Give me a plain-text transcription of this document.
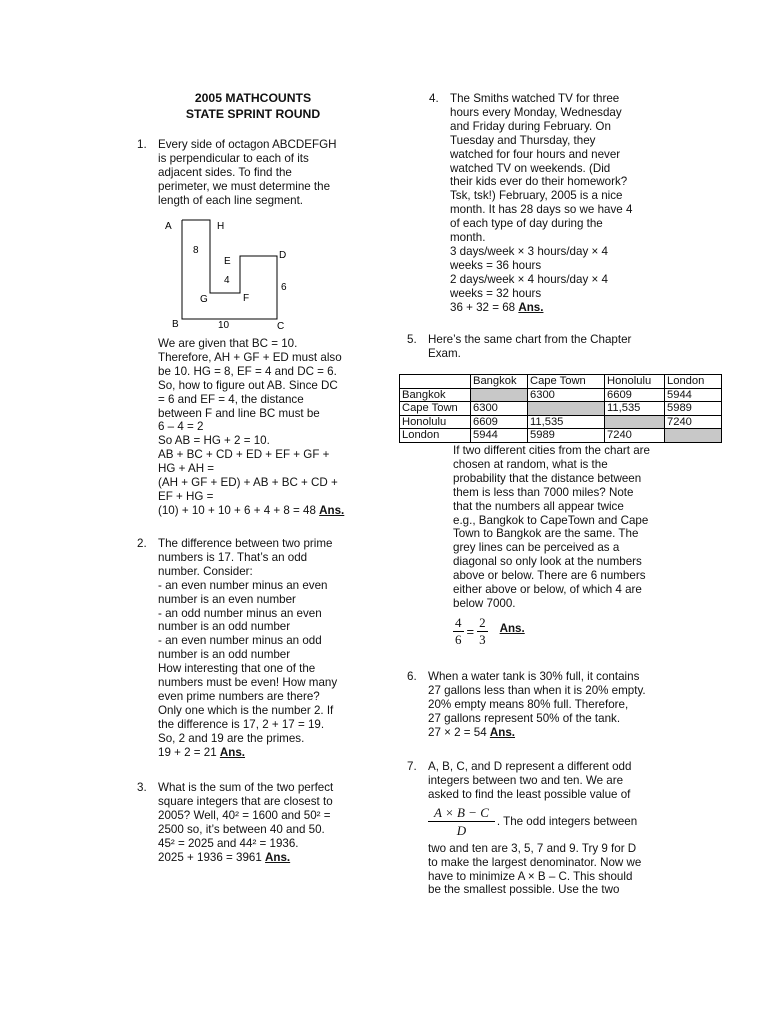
2005 MATHCOUNTS
STATE SPRINT ROUND
1. Every side of octagon ABCDEFGH
is perpendicular to each of its
adjacent sides. To find the
perimeter, we must determine the
length of each line segment.
A	H
8
E
D
4
6
G	F
B	10	C
We are given that BC = 10.
Therefore, AH + GF + ED must also
be 10. HG = 8, EF = 4 and DC = 6.
So, how to figure out AB. Since DC
= 6 and EF = 4, the distance
between F and line BC must be
6 – 4 = 2
So AB = HG + 2 = 10.
AB + BC + CD + ED + EF + GF +
HG + AH =
(AH + GF + ED) + AB + BC + CD +
EF + HG =
(10) + 10 + 10 + 6 + 4 + 8 = 48 Ans.
2. The difference between two prime
numbers is 17. That’s an odd
number. Consider:
- an even number minus an even
number is an even number
- an odd number minus an even
number is an odd number
- an even number minus an odd
number is an odd number
How interesting that one of the
numbers must be even! How many
even prime numbers are there?
Only one which is the number 2. If
the difference is 17, 2 + 17 = 19.
So, 2 and 19 are the primes.
19 + 2 = 21 Ans.
3. What is the sum of the two perfect
square integers that are closest to
2005? Well, 40² = 1600 and 50² =
2500 so, it’s between 40 and 50.
45² = 2025 and 44² = 1936.
2025 + 1936 = 3961 Ans.
4. The Smiths watched TV for three
hours every Monday, Wednesday
and Friday during February. On
Tuesday and Thursday, they
watched for four hours and never
watched TV on weekends. (Did
their kids ever do their homework?
Tsk, tsk!) February, 2005 is a nice
month. It has 28 days so we have 4
of each type of day during the
month.
3 days/week × 3 hours/day × 4
weeks = 36 hours
2 days/week × 4 hours/day × 4
weeks = 32 hours
36 + 32 = 68 Ans.
5. Here’s the same chart from the Chapter
Exam.
	Bangkok	Cape Town	Honolulu	London
Bangkok		6300	6609	5944
Cape Town	6300		11,535	5989
Honolulu	6609	11,535		7240
London	5944	5989	7240	
If two different cities from the chart are
chosen at random, what is the
probability that the distance between
them is less than 7000 miles? Note
that the numbers all appear twice
e.g., Bangkok to CapeTown and Cape
Town to Bangkok are the same. The
grey lines can be perceived as a
diagonal so only look at the numbers
above or below. There are 6 numbers
either above or below, of which 4 are
below 7000.
$\frac{4}{6} = \frac{2}{3}$ Ans.
6. When a water tank is 30% full, it contains
27 gallons less than when it is 20% empty.
20% empty means 80% full. Therefore,
27 gallons represent 50% of the tank.
27 × 2 = 54 Ans.
7. A, B, C, and D represent a different odd
integers between two and ten. We are
asked to find the least possible value of
$\frac{A \times B - C}{D}$ . The odd integers between
two and ten are 3, 5, 7 and 9. Try 9 for D
to make the largest denominator. Now we
have to minimize A × B – C. This should
be the smallest possible. Use the two
